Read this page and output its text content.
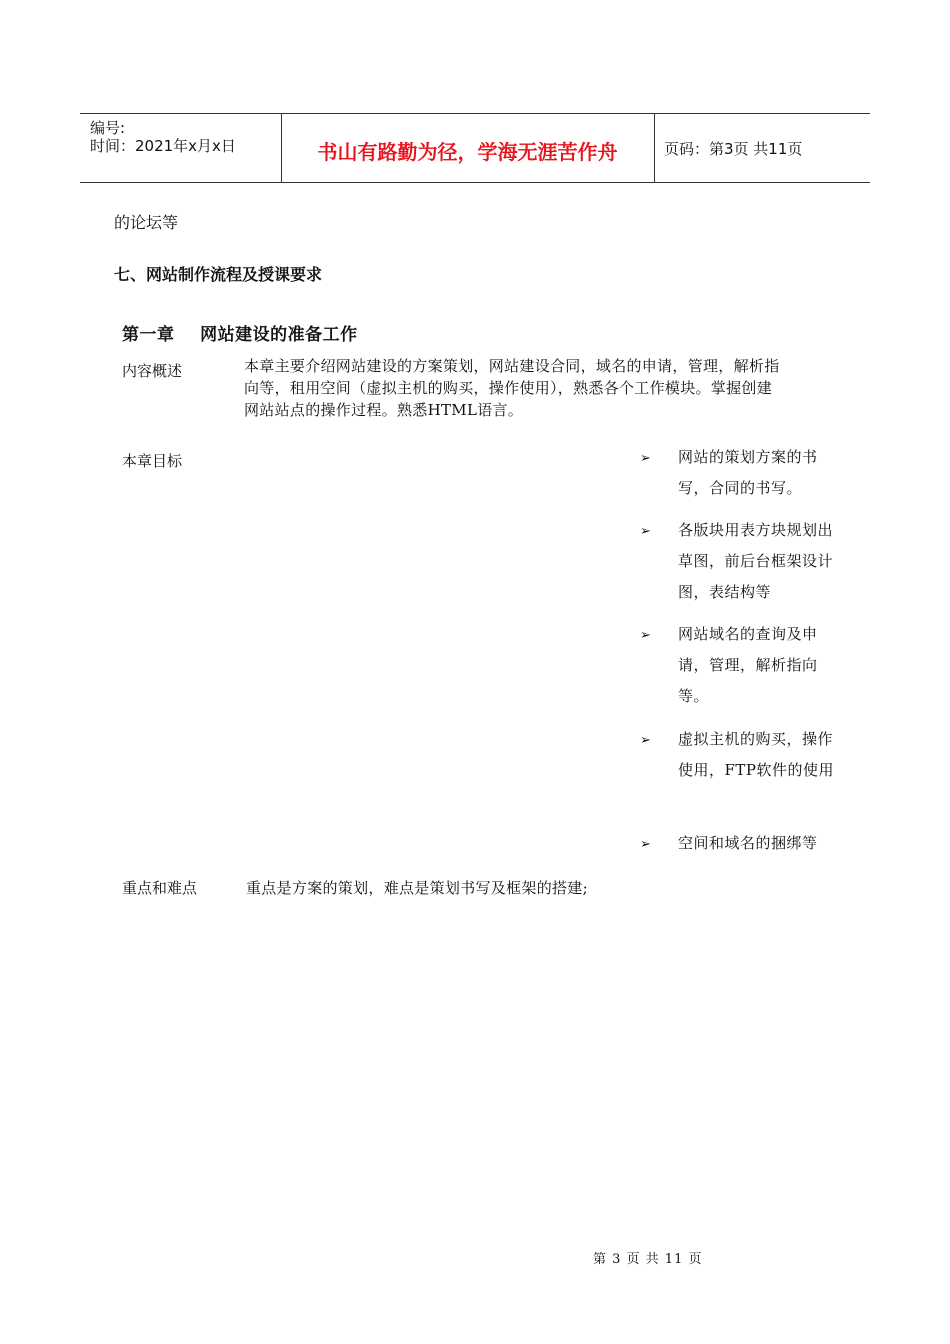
编号:
时间：2021年x月x日	书山有路勤为径，学海无涯苦作舟	页码：第3页 共11页
的论坛等
七、网站制作流程及授课要求
第一章    网站建设的准备工作
内容概述	本章主要介绍网站建设的方案策划，网站建设合同，域名的申请，管理，解析指
向等，租用空间（虚拟主机的购买，操作使用），熟悉各个工作模块。掌握创建
网站站点的操作过程。熟悉HTML语言。
本章目标	➢ 网站的策划方案的书写，合同的书写。
➢ 各版块用表方块规划出草图，前后台框架设计图，表结构等
➢ 网站域名的查询及申请，管理，解析指向等。
➢ 虚拟主机的购买，操作使用，FTP软件的使用
➢ 空间和域名的捆绑等
重点和难点	重点是方案的策划，难点是策划书写及框架的搭建;
第 3 页 共 11 页
